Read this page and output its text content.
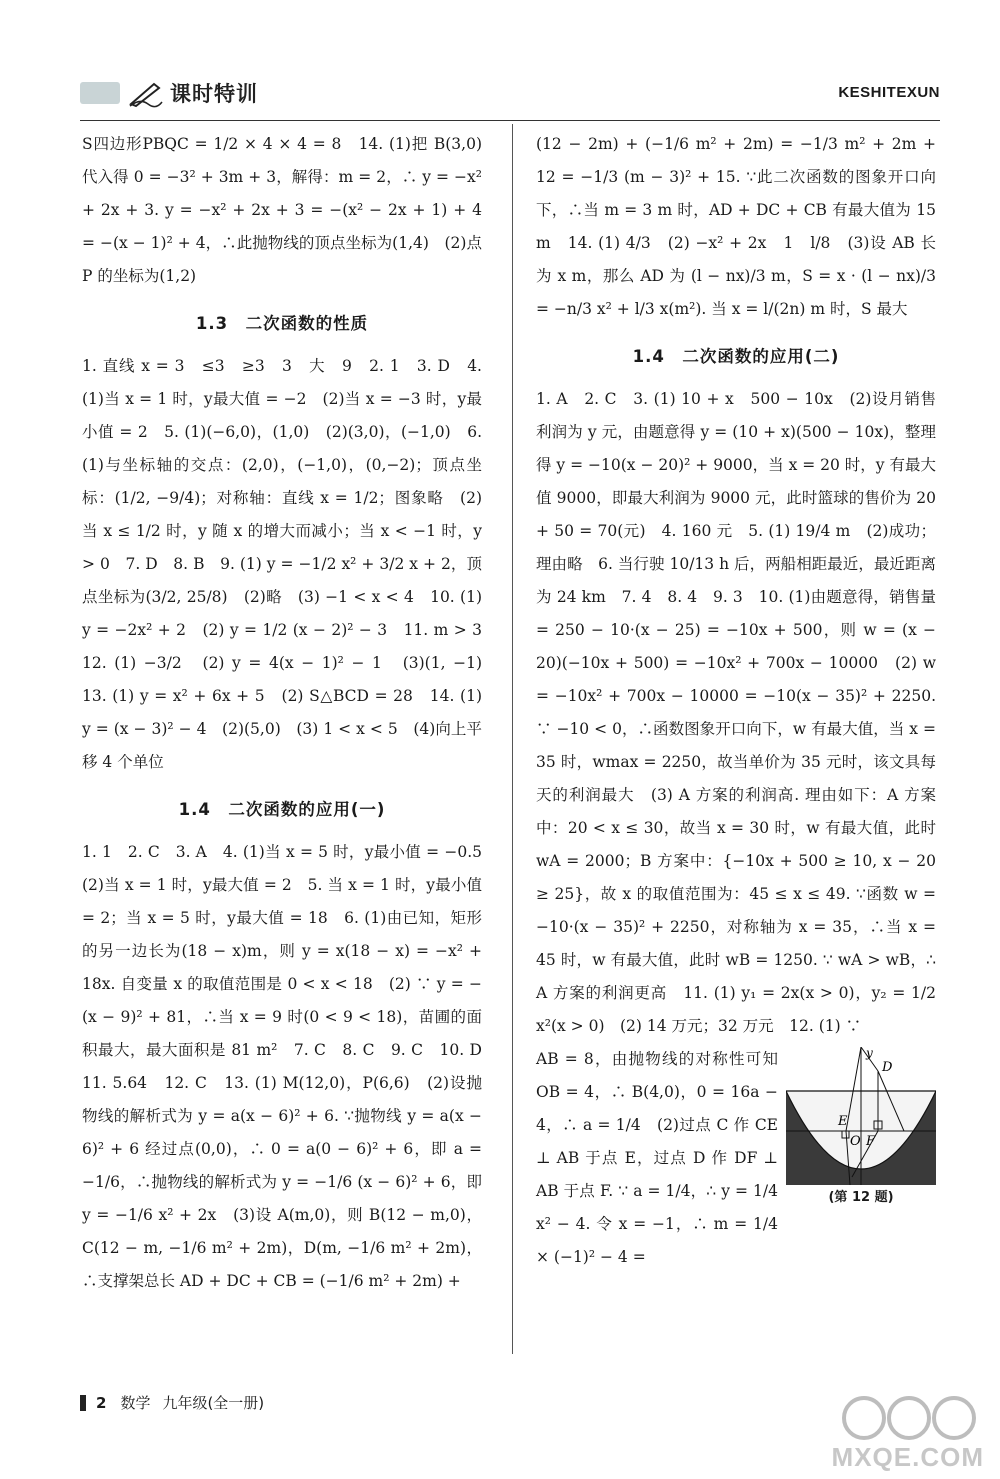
课时特训	KESHITEXUN

S四边形PBQC = 1/2 × 4 × 4 = 8　14. (1)把 B(3,0)代入得 0 = −3² + 3m + 3，解得：m = 2，∴ y = −x² + 2x + 3. y = −x² + 2x + 3 = −(x² − 2x + 1) + 4 = −(x − 1)² + 4，∴此抛物线的顶点坐标为(1,4)　(2)点 P 的坐标为(1,2)

1.3　二次函数的性质

1. 直线 x = 3　≤3　≥3　3　大　9　2. 1　3. D　4. (1)当 x = 1 时，y最大值 = −2　(2)当 x = −3 时，y最小值 = 2　5. (1)(−6,0)，(1,0)　(2)(3,0)，(−1,0)　6. (1)与坐标轴的交点：(2,0)，(−1,0)，(0,−2)；顶点坐标：(1/2, −9/4)；对称轴：直线 x = 1/2；图象略　(2)当 x ≤ 1/2 时，y 随 x 的增大而减小；当 x < −1 时，y > 0　7. D　8. B　9. (1) y = −1/2 x² + 3/2 x + 2，顶点坐标为(3/2, 25/8)　(2)略　(3) −1 < x < 4　10. (1) y = −2x² + 2　(2) y = 1/2 (x − 2)² − 3　11. m > 3　12. (1) −3/2　(2) y = 4(x − 1)² − 1　(3)(1, −1)　13. (1) y = x² + 6x + 5　(2) S△BCD = 28　14. (1) y = (x − 3)² − 4　(2)(5,0)　(3) 1 < x < 5　(4)向上平移 4 个单位

1.4　二次函数的应用(一)

1. 1　2. C　3. A　4. (1)当 x = 5 时，y最小值 = −0.5　(2)当 x = 1 时，y最大值 = 2　5. 当 x = 1 时，y最小值 = 2；当 x = 5 时，y最大值 = 18　6. (1)由已知，矩形的另一边长为(18 − x)m，则 y = x(18 − x) = −x² + 18x. 自变量 x 的取值范围是 0 < x < 18　(2) ∵ y = −(x − 9)² + 81，∴当 x = 9 时(0 < 9 < 18)，苗圃的面积最大，最大面积是 81 m²　7. C　8. C　9. C　10. D　11. 5.64　12. C　13. (1) M(12,0)，P(6,6)　(2)设抛物线的解析式为 y = a(x − 6)² + 6. ∵抛物线 y = a(x − 6)² + 6 经过点(0,0)，∴ 0 = a(0 − 6)² + 6，即 a = −1/6，∴抛物线的解析式为 y = −1/6 (x − 6)² + 6，即 y = −1/6 x² + 2x　(3)设 A(m,0)，则 B(12 − m,0)，C(12 − m, −1/6 m² + 2m)，D(m, −1/6 m² + 2m)，∴支撑架总长 AD + DC + CB = (−1/6 m² + 2m) +

(12 − 2m) + (−1/6 m² + 2m) = −1/3 m² + 2m + 12 = −1/3 (m − 3)² + 15. ∵此二次函数的图象开口向下，∴当 m = 3 m 时，AD + DC + CB 有最大值为 15 m　14. (1) 4/3　(2) −x² + 2x　1　l/8　(3)设 AB 长为 x m，那么 AD 为 (l − nx)/3 m，S = x · (l − nx)/3 = −n/3 x² + l/3 x(m²). 当 x = l/(2n) m 时，S 最大

1.4　二次函数的应用(二)

1. A　2. C　3. (1) 10 + x　500 − 10x　(2)设月销售利润为 y 元，由题意得 y = (10 + x)(500 − 10x)，整理得 y = −10(x − 20)² + 9000，当 x = 20 时，y 有最大值 9000，即最大利润为 9000 元，此时篮球的售价为 20 + 50 = 70(元)　4. 160 元　5. (1) 19/4 m　(2)成功；理由略　6. 当行驶 10/13 h 后，两船相距最近，最近距离为 24 km　7. 4　8. 4　9. 3　10. (1)由题意得，销售量 = 250 − 10·(x − 25) = −10x + 500，则 w = (x − 20)(−10x + 500) = −10x² + 700x − 10000　(2) w = −10x² + 700x − 10000 = −10(x − 35)² + 2250. ∵ −10 < 0，∴函数图象开口向下，w 有最大值，当 x = 35 时，wmax = 2250，故当单价为 35 元时，该文具每天的利润最大　(3) A 方案的利润高. 理由如下：A 方案中：20 < x ≤ 30，故当 x = 30 时，w 有最大值，此时 wA = 2000；B 方案中：{−10x + 500 ≥ 10, x − 20 ≥ 25}，故 x 的取值范围为：45 ≤ x ≤ 49. ∵函数 w = −10·(x − 35)² + 2250，对称轴为 x = 35，∴当 x = 45 时，w 有最大值，此时 wB = 1250. ∵ wA > wB，∴ A 方案的利润更高　11. (1) y₁ = 2x(x > 0)，y₂ = 1/2 x²(x > 0)　(2) 14 万元；32 万元　12. (1) ∵

y
D
E
F
O
(第 12 题)

AB = 8，由抛物线的对称性可知 OB = 4，∴ B(4,0)，0 = 16a − 4，∴ a = 1/4　(2)过点 C 作 CE ⊥ AB 于点 E，过点 D 作 DF ⊥ AB 于点 F. ∵ a = 1/4，∴ y = 1/4 x² − 4. 令 x = −1，∴ m = 1/4 × (−1)² − 4 =

2 数学 九年级(全一册)
MXQE.COM
